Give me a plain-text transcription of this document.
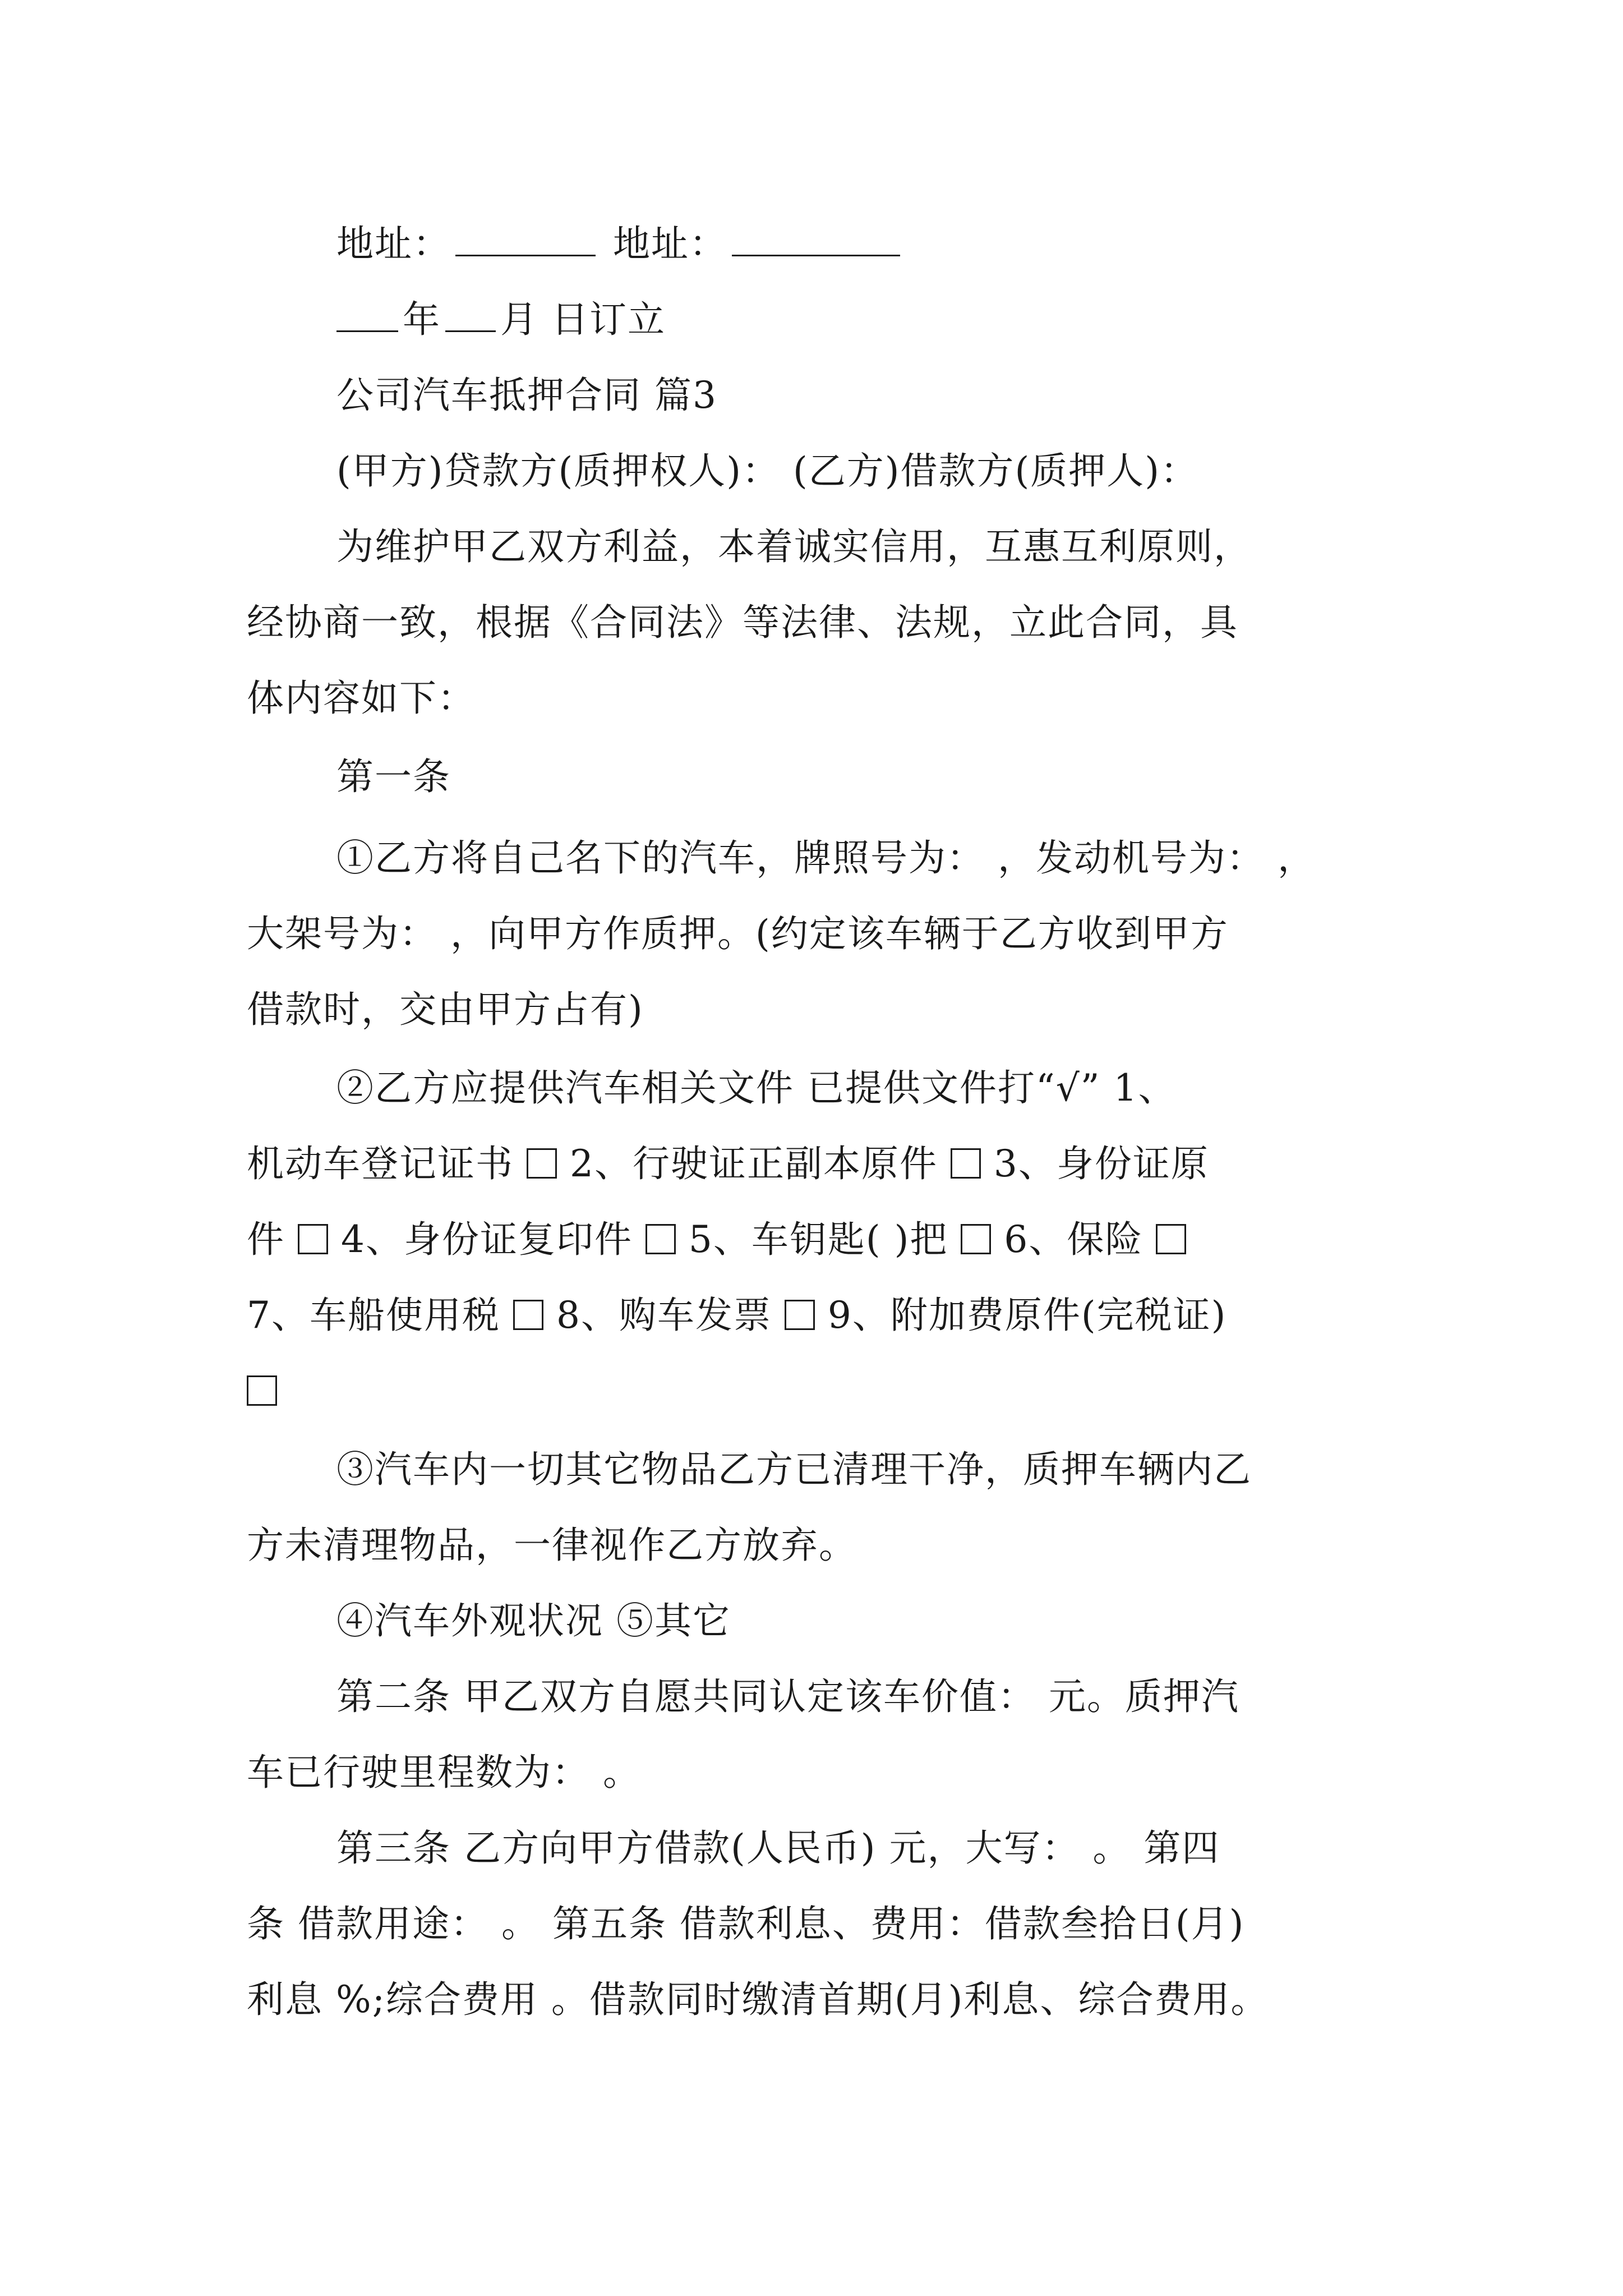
地址：	地址：
年 月 日订立
公司汽车抵押合同 篇3
(甲方)贷款方(质押权人)： (乙方)借款方(质押人)：
为维护甲乙双方利益，本着诚实信用，互惠互利原则，
经协商一致，根据《合同法》等法律、法规，立此合同，具
体内容如下：
第一条
①乙方将自己名下的汽车，牌照号为： ，发动机号为： ，
大架号为： ，向甲方作质押。(约定该车辆于乙方收到甲方
借款时，交由甲方占有)
②乙方应提供汽车相关文件 已提供文件打“√” 1、
机动车登记证书  2、行驶证正副本原件  3、身份证原
件  4、身份证复印件  5、车钥匙( )把  6、保险
7、车船使用税  8、购车发票  9、附加费原件(完税证)
③汽车内一切其它物品乙方已清理干净，质押车辆内乙
方未清理物品，一律视作乙方放弃。
④汽车外观状况 ⑤其它
第二条 甲乙双方自愿共同认定该车价值： 元。质押汽
车已行驶里程数为： 。
第三条 乙方向甲方借款(人民币) 元，大写： 。 第四
条 借款用途： 。 第五条 借款利息、费用：借款叁拾日(月)
利息 %;综合费用 。借款同时缴清首期(月)利息、综合费用。
